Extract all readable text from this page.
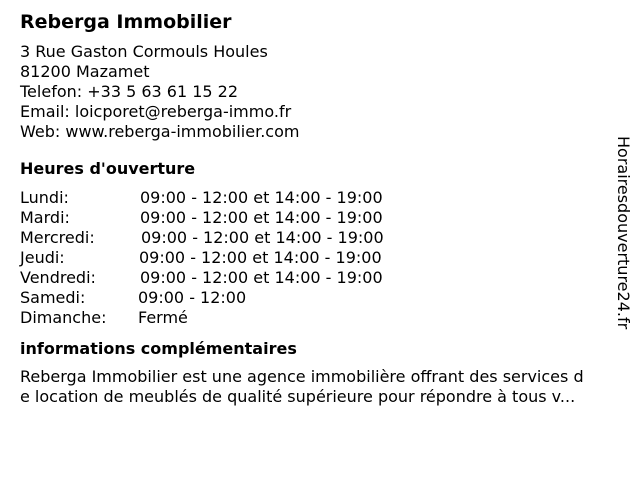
Reberga Immobilier
3 Rue Gaston Cormouls Houles
81200 Mazamet
Telefon: +33 5 63 61 15 22
Email: loicporet@reberga-immo.fr
Web: www.reberga-immobilier.com
Heures d'ouverture
Lundi:	09:00 - 12:00 et 14:00 - 19:00
Mardi:	09:00 - 12:00 et 14:00 - 19:00
Mercredi:	09:00 - 12:00 et 14:00 - 19:00
Jeudi:	09:00 - 12:00 et 14:00 - 19:00
Vendredi:	09:00 - 12:00 et 14:00 - 19:00
Samedi:	09:00 - 12:00
Dimanche:	Fermé
informations complémentaires
Reberga Immobilier est une agence immobilière offrant des services d
e location de meublés de qualité supérieure pour répondre à tous v...
Horairesdouverture24.fr
